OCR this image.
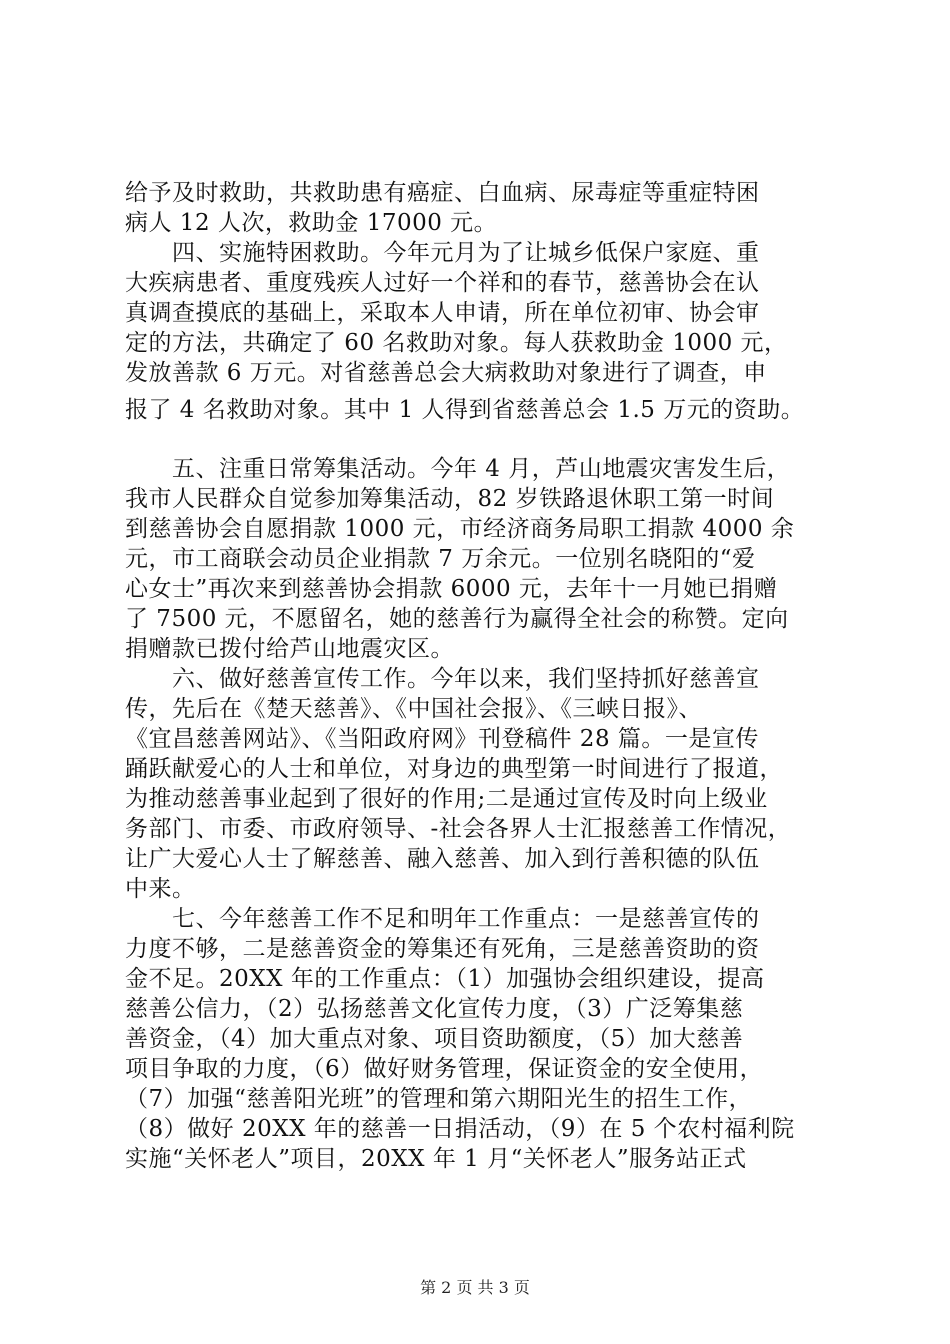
给予及时救助，共救助患有癌症、白血病、尿毒症等重症特困
病人 12 人次，救助金 17000 元。
　　四、实施特困救助。今年元月为了让城乡低保户家庭、重
大疾病患者、重度残疾人过好一个祥和的春节，慈善协会在认
真调查摸底的基础上，采取本人申请，所在单位初审、协会审
定的方法，共确定了 60 名救助对象。每人获救助金 1000 元，
发放善款 6 万元。对省慈善总会大病救助对象进行了调查，申
报了 4 名救助对象。其中 1 人得到省慈善总会 1.5 万元的资助。
　　五、注重日常筹集活动。今年 4 月，芦山地震灾害发生后，
我市人民群众自觉参加筹集活动，82 岁铁路退休职工第一时间
到慈善协会自愿捐款 1000 元，市经济商务局职工捐款 4000 余
元，市工商联会动员企业捐款 7 万余元。一位别名晓阳的“爱
心女士”再次来到慈善协会捐款 6000 元，去年十一月她已捐赠
了 7500 元，不愿留名，她的慈善行为赢得全社会的称赞。定向
捐赠款已拨付给芦山地震灾区。
　　六、做好慈善宣传工作。今年以来，我们坚持抓好慈善宣
传，先后在《楚天慈善》、《中国社会报》、《三峡日报》、
《宜昌慈善网站》、《当阳政府网》刊登稿件 28 篇。一是宣传
踊跃献爱心的人士和单位，对身边的典型第一时间进行了报道，
为推动慈善事业起到了很好的作用;二是通过宣传及时向上级业
务部门、市委、市政府领导、-社会各界人士汇报慈善工作情况，
让广大爱心人士了解慈善、融入慈善、加入到行善积德的队伍
中来。
　　七、今年慈善工作不足和明年工作重点：一是慈善宣传的
力度不够，二是慈善资金的筹集还有死角，三是慈善资助的资
金不足。20XX 年的工作重点：（1）加强协会组织建设，提高
慈善公信力，（2）弘扬慈善文化宣传力度，（3）广泛筹集慈
善资金，（4）加大重点对象、项目资助额度，（5）加大慈善
项目争取的力度，（6）做好财务管理，保证资金的安全使用，
（7）加强“慈善阳光班”的管理和第六期阳光生的招生工作，
（8）做好 20XX 年的慈善一日捐活动，（9）在 5 个农村福利院
实施“关怀老人”项目，20XX 年 1 月“关怀老人”服务站正式
第 2 页 共 3 页
